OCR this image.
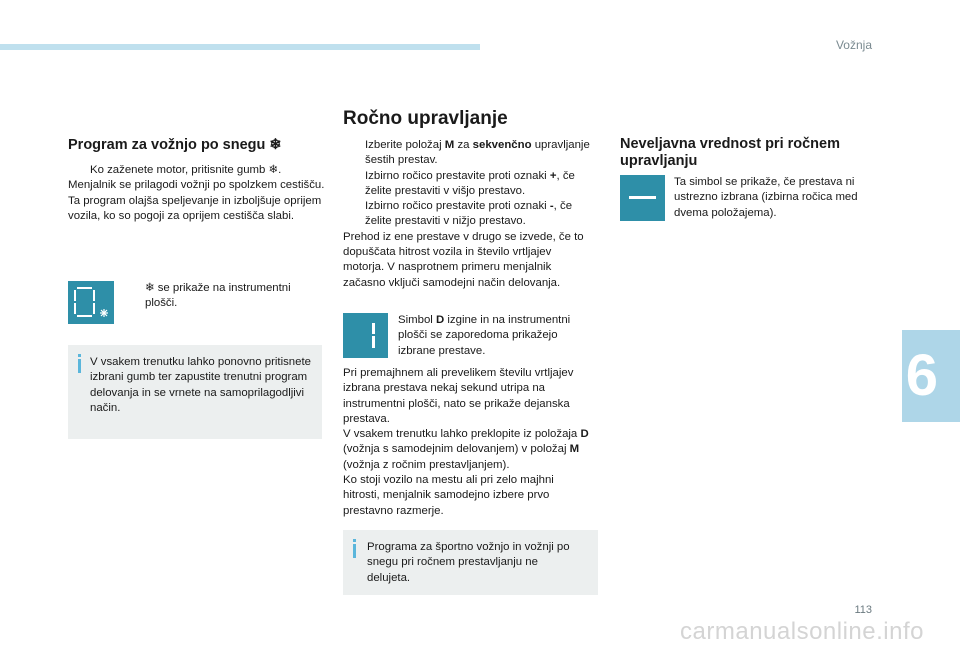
Vožnja
6
Program za vožnjo po snegu ❄
Ko zaženete motor, pritisnite gumb ❄.

Menjalnik se prilagodi vožnji po spolzkem cestišču.

Ta program olajša speljevanje in izboljšuje oprijem vozila, ko so pogoji za oprijem cestišča slabi.

❄ se prikaže na instrumentni plošči.
V vsakem trenutku lahko ponovno pritisnete izbrani gumb ter zapustite trenutni program delovanja in se vrnete na samoprilagodljivi način.
Ročno upravljanje
Izberite položaj M za sekvenčno upravljanje šestih prestav.
Izbirno ročico prestavite proti oznaki +, če želite prestaviti v višjo prestavo.
Izbirno ročico prestavite proti oznaki -, če želite prestaviti v nižjo prestavo.

Prehod iz ene prestave v drugo se izvede, če to dopuščata hitrost vozila in število vrtljajev motorja. V nasprotnem primeru menjalnik začasno vključi samodejni način delovanja.

Simbol D izgine in na instrumentni plošči se zaporedoma prikažejo izbrane prestave.

Pri premajhnem ali prevelikem številu vrtljajev izbrana prestava nekaj sekund utripa na instrumentni plošči, nato se prikaže dejanska prestava.

V vsakem trenutku lahko preklopite iz položaja D (vožnja s samodejnim delovanjem) v položaj M (vožnja z ročnim prestavljanjem).

Ko stoji vozilo na mestu ali pri zelo majhni hitrosti, menjalnik samodejno izbere prvo prestavno razmerje.

Programa za športno vožnjo in vožnji po snegu pri ročnem prestavljanju ne delujeta.
Neveljavna vrednost pri ročnem upravljanju
Ta simbol se prikaže, če prestava ni ustrezno izbrana (izbirna ročica med dvema položajema).
113
carmanualsonline.info
